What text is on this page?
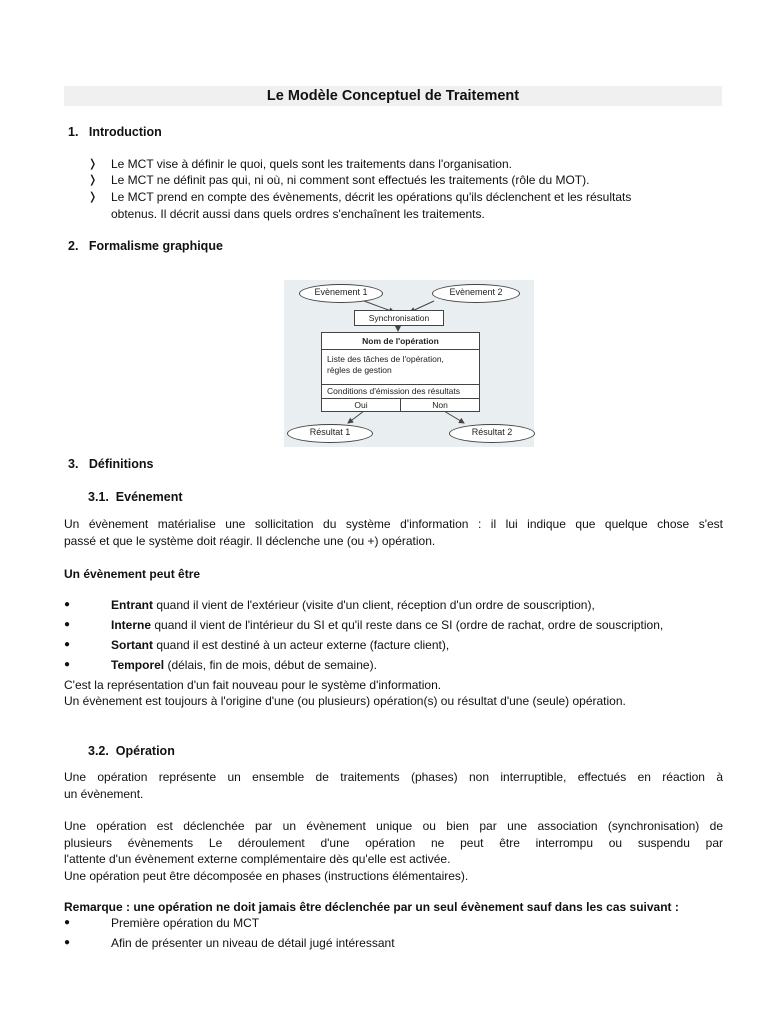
Le Modèle Conceptuel de Traitement
1.   Introduction
❭ Le MCT vise à définir le quoi, quels sont les traitements dans l'organisation.
❭ Le MCT ne définit pas qui, ni où, ni comment sont effectués les traitements (rôle du MOT).
❭ Le MCT prend en compte des évènements, décrit les opérations qu'ils déclenchent et les résultats
obtenus. Il décrit aussi dans quels ordres s'enchaînent les traitements.
2.   Formalisme graphique
Evènement 1	Evènement 2
Synchronisation
Nom de l'opération
Liste des tâches de l'opération,
règles de gestion
Conditions d'émission des résultats
Oui	Non
Résultat 1	Résultat 2
3.   Définitions
3.1.  Evénement
Un évènement matérialise une sollicitation du système d'information : il lui indique que quelque chose s'est
passé et que le système doit réagir. Il déclenche une (ou +) opération.
Un évènement peut être
●	Entrant quand il vient de l'extérieur (visite d'un client, réception d'un ordre de souscription),
●	Interne quand il vient de l'intérieur du SI et qu'il reste dans ce SI (ordre de rachat, ordre de souscription,
●	Sortant quand il est destiné à un acteur externe (facture client),
●	Temporel (délais, fin de mois, début de semaine).
C'est la représentation d'un fait nouveau pour le système d'information.
Un évènement est toujours à l'origine d'une (ou plusieurs) opération(s) ou résultat d'une (seule) opération.
3.2.  Opération
Une opération représente un ensemble de traitements (phases) non interruptible, effectués en réaction à
un évènement.
Une opération est déclenchée par un évènement unique ou bien par une association (synchronisation) de
plusieurs évènements Le déroulement d'une opération ne peut être interrompu ou suspendu par
l'attente d'un évènement externe complémentaire dès qu'elle est activée.
Une opération peut être décomposée en phases (instructions élémentaires).
Remarque : une opération ne doit jamais être déclenchée par un seul évènement sauf dans les cas suivant :
●	Première opération du MCT
●	Afin de présenter un niveau de détail jugé intéressant
